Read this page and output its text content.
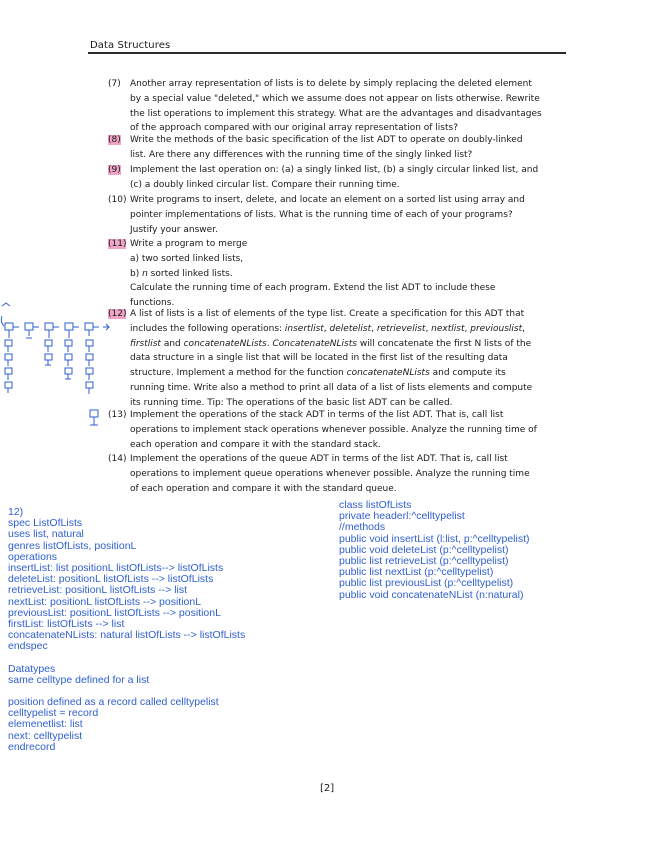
Data Structures
(7)	Another array representation of lists is to delete by simply replacing the deleted element
by a special value "deleted," which we assume does not appear on lists otherwise. Rewrite
the list operations to implement this strategy. What are the advantages and disadvantages
of the approach compared with our original array representation of lists?
(8)	Write the methods of the basic specification of the list ADT to operate on doubly-linked
list. Are there any differences with the running time of the singly linked list?
(9)	Implement the last operation on: (a) a singly linked list, (b) a singly circular linked list, and
(c) a doubly linked circular list. Compare their running time.
(10) Write programs to insert, delete, and locate an element on a sorted list using array and
pointer implementations of lists. What is the running time of each of your programs?
Justify your answer.
(11) Write a program to merge
a) two sorted linked lists,
b) n sorted linked lists.
Calculate the running time of each program. Extend the list ADT to include these
functions.
(12) A list of lists is a list of elements of the type list. Create a specification for this ADT that
includes the following operations: insertlist, deletelist, retrievelist, nextlist, previouslist,
firstlist and concatenateNLists. ConcatenateNLists will concatenate the first N lists of the
data structure in a single list that will be located in the first list of the resulting data
structure. Implement a method for the function concatenateNLists and compute its
running time. Write also a method to print all data of a list of lists elements and compute
its running time. Tip: The operations of the basic list ADT can be called.
(13) Implement the operations of the stack ADT in terms of the list ADT. That is, call list
operations to implement stack operations whenever possible. Analyze the running time of
each operation and compare it with the standard stack.
(14) Implement the operations of the queue ADT in terms of the list ADT. That is, call list
operations to implement queue operations whenever possible. Analyze the running time
of each operation and compare it with the standard queue.
12)
spec ListOfLists
uses list, natural
genres listOfLists, positionL
operations
insertList: list positionL listOfLists--> listOfLists
deleteList: positionL listOfLists --> listOfLists
retrieveList: positionL listOfLists --> list
nextList: positionL listOfLists --> positionL
previousList: positionL listOfLists --> positionL
firstList: listOfLists --> list
concatenateNLists: natural listOfLists --> listOfLists
endspec
Datatypes
same celltype defined for a list
position defined as a record called celltypelist
celltypelist = record
elemenetlist: list
next: celltypelist
endrecord
class listOfLists
private headerl:^celltypelist
//methods
public void insertList (l:list, p:^celltypelist)
public void deleteList (p:^celltypelist)
public list retrieveList (p:^celltypelist)
public list nextList (p:^celltypelist)
public list previousList (p:^celltypelist)
public void concatenateNList (n:natural)
[2]
